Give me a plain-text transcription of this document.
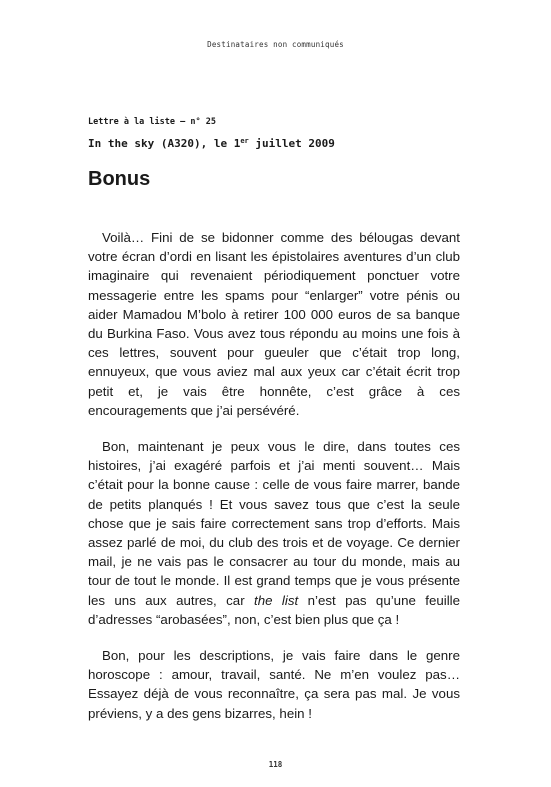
Destinataires non communiqués
Lettre à la liste – n° 25
In the sky (A320), le 1er juillet 2009
Bonus

Voilà… Fini de se bidonner comme des bélougas devant votre écran d’ordi en lisant les épistolaires aventures d’un club imaginaire qui revenaient périodiquement ponctuer votre messagerie entre les spams pour “enlarger” votre pénis ou aider Mamadou M’bolo à retirer 100 000 euros de sa banque du Burkina Faso. Vous avez tous répondu au moins une fois à ces lettres, souvent pour gueuler que c’était trop long, ennuyeux, que vous aviez mal aux yeux car c’était écrit trop petit et, je vais être honnête, c’est grâce à ces encouragements que j’ai persévéré.

Bon, maintenant je peux vous le dire, dans toutes ces histoires, j’ai exagéré parfois et j’ai menti souvent… Mais c’était pour la bonne cause : celle de vous faire marrer, bande de petits planqués ! Et vous savez tous que c’est la seule chose que je sais faire correctement sans trop d’efforts. Mais assez parlé de moi, du club des trois et de voyage. Ce dernier mail, je ne vais pas le consacrer au tour du monde, mais au tour de tout le monde. Il est grand temps que je vous présente les uns aux autres, car the list n’est pas qu’une feuille d’adresses “arobasées”, non, c’est bien plus que ça !

Bon, pour les descriptions, je vais faire dans le genre horoscope : amour, travail, santé. Ne m’en voulez pas… Essayez déjà de vous reconnaître, ça sera pas mal. Je vous préviens, y a des gens bizarres, hein !

118
